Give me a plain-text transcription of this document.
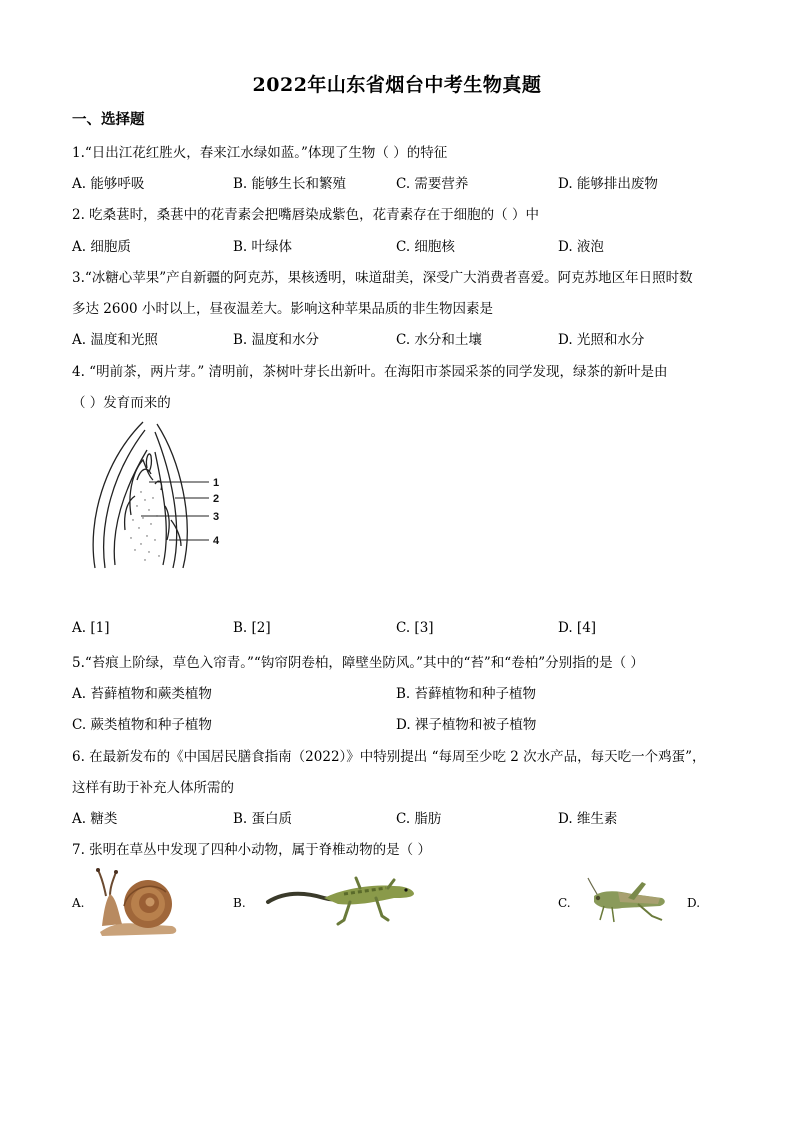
2022年山东省烟台中考生物真题
一、选择题
1.“日出江花红胜火，春来江水绿如蓝。”体现了生物（ ）的特征
A. 能够呼吸	B. 能够生长和繁殖	C. 需要营养	D. 能够排出废物
2. 吃桑葚时，桑葚中的花青素会把嘴唇染成紫色，花青素存在于细胞的（ ）中
A. 细胞质	B. 叶绿体	C. 细胞核	D. 液泡
3.“冰糖心苹果”产自新疆的阿克苏，果核透明，味道甜美，深受广大消费者喜爱。阿克苏地区年日照时数
多达 2600 小时以上，昼夜温差大。影响这种苹果品质的非生物因素是
A. 温度和光照	B. 温度和水分	C. 水分和土壤	D. 光照和水分
4. “明前茶，两片芽。” 清明前，茶树叶芽长出新叶。在海阳市茶园采茶的同学发现，绿茶的新叶是由
（ ）发育而来的
1
2
3
4
A. [1]	B. [2]	C. [3]	D. [4]
5.“苔痕上阶绿，草色入帘青。”“钩帘阴卷柏，障壁坐防风。”其中的“苔”和“卷柏”分别指的是（ ）
A. 苔藓植物和蕨类植物	B. 苔藓植物和种子植物
C. 蕨类植物和种子植物	D. 裸子植物和被子植物
6. 在最新发布的《中国居民膳食指南（2022）》中特别提出 “每周至少吃 2 次水产品，每天吃一个鸡蛋”，
这样有助于补充人体所需的
A. 糖类	B. 蛋白质	C. 脂肪	D. 维生素
7. 张明在草丛中发现了四种小动物，属于脊椎动物的是（ ）
A.	B.	C.	D.
